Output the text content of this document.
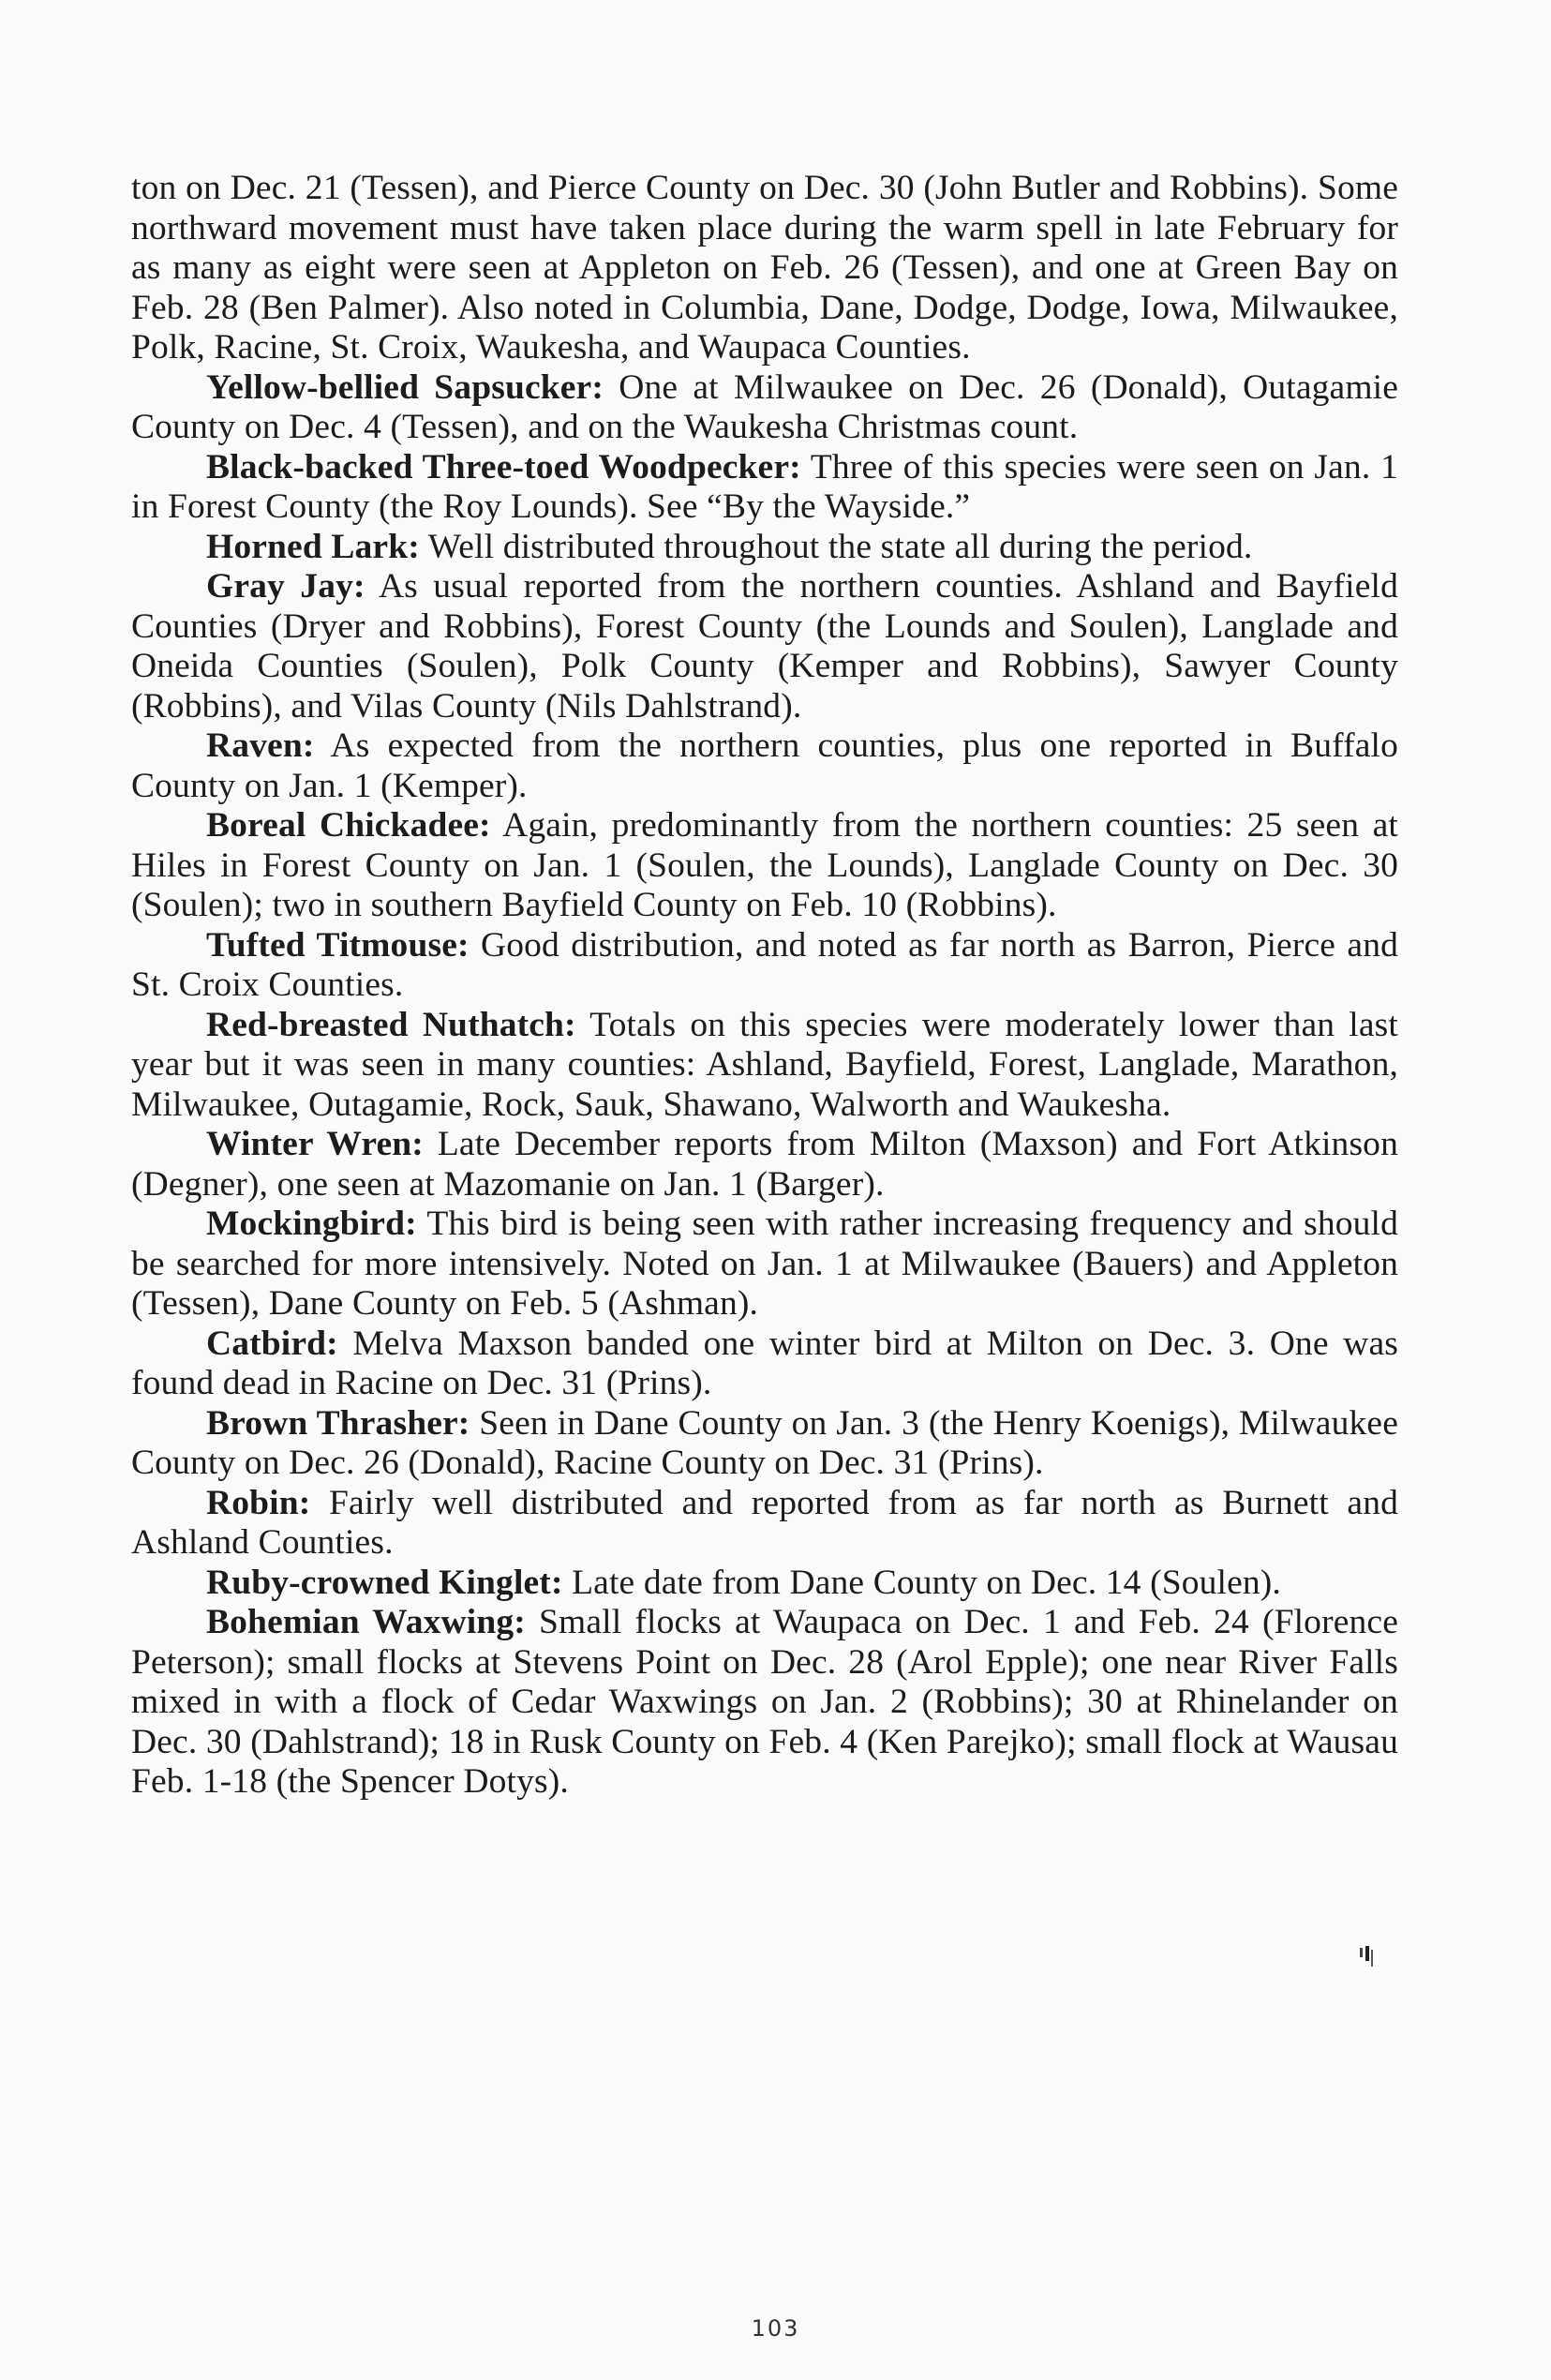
ton on Dec. 21 (Tessen), and Pierce County on Dec. 30 (John Butler and Robbins). Some northward movement must have taken place during the warm spell in late February for as many as eight were seen at Appleton on Feb. 26 (Tessen), and one at Green Bay on Feb. 28 (Ben Palmer). Also noted in Columbia, Dane, Dodge, Dodge, Iowa, Milwaukee, Polk, Racine, St. Croix, Waukesha, and Waupaca Counties.

Yellow-bellied Sapsucker: One at Milwaukee on Dec. 26 (Donald), Outagamie County on Dec. 4 (Tessen), and on the Waukesha Christmas count.

Black-backed Three-toed Woodpecker: Three of this species were seen on Jan. 1 in Forest County (the Roy Lounds). See “By the Wayside.”

Horned Lark: Well distributed throughout the state all during the period.

Gray Jay: As usual reported from the northern counties. Ashland and Bayfield Counties (Dryer and Robbins), Forest County (the Lounds and Soulen), Langlade and Oneida Counties (Soulen), Polk County (Kemper and Robbins), Sawyer County (Robbins), and Vilas County (Nils Dahlstrand).

Raven: As expected from the northern counties, plus one reported in Buffalo County on Jan. 1 (Kemper).

Boreal Chickadee: Again, predominantly from the northern counties: 25 seen at Hiles in Forest County on Jan. 1 (Soulen, the Lounds), Langlade County on Dec. 30 (Soulen); two in southern Bayfield County on Feb. 10 (Robbins).

Tufted Titmouse: Good distribution, and noted as far north as Barron, Pierce and St. Croix Counties.

Red-breasted Nuthatch: Totals on this species were moderately lower than last year but it was seen in many counties: Ashland, Bayfield, Forest, Langlade, Marathon, Milwaukee, Outagamie, Rock, Sauk, Shawano, Walworth and Waukesha.

Winter Wren: Late December reports from Milton (Maxson) and Fort Atkinson (Degner), one seen at Mazomanie on Jan. 1 (Barger).

Mockingbird: This bird is being seen with rather increasing frequency and should be searched for more intensively. Noted on Jan. 1 at Milwaukee (Bauers) and Appleton (Tessen), Dane County on Feb. 5 (Ashman).

Catbird: Melva Maxson banded one winter bird at Milton on Dec. 3. One was found dead in Racine on Dec. 31 (Prins).

Brown Thrasher: Seen in Dane County on Jan. 3 (the Henry Koenigs), Milwaukee County on Dec. 26 (Donald), Racine County on Dec. 31 (Prins).

Robin: Fairly well distributed and reported from as far north as Burnett and Ashland Counties.

Ruby-crowned Kinglet: Late date from Dane County on Dec. 14 (Soulen).

Bohemian Waxwing: Small flocks at Waupaca on Dec. 1 and Feb. 24 (Florence Peterson); small flocks at Stevens Point on Dec. 28 (Arol Epple); one near River Falls mixed in with a flock of Cedar Waxwings on Jan. 2 (Robbins); 30 at Rhinelander on Dec. 30 (Dahlstrand); 18 in Rusk County on Feb. 4 (Ken Parejko); small flock at Wausau Feb. 1-18 (the Spencer Dotys).

103
